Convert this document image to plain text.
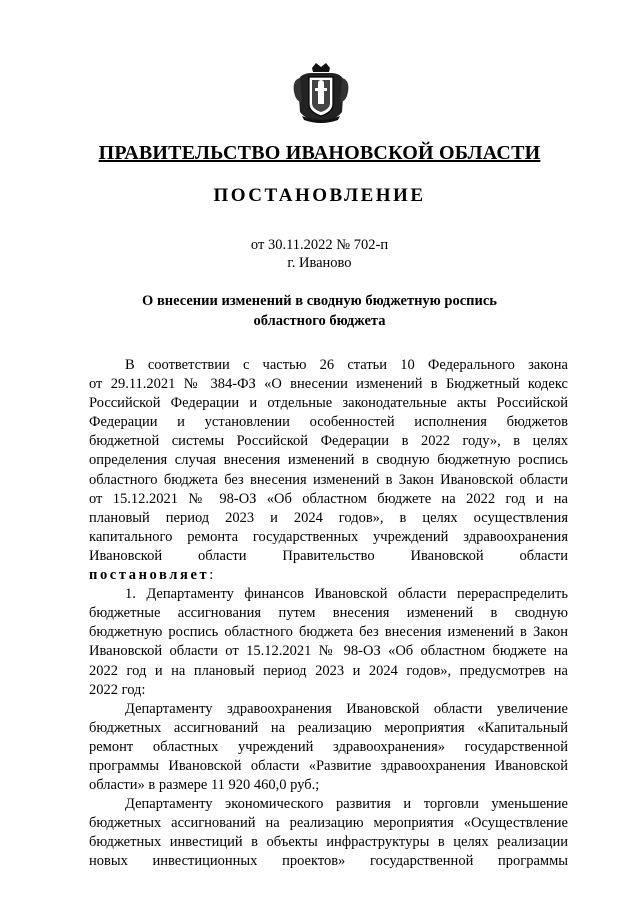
ПРАВИТЕЛЬСТВО ИВАНОВСКОЙ ОБЛАСТИ
ПОСТАНОВЛЕНИЕ
от 30.11.2022 № 702-п
г. Иваново
О внесении изменений в сводную бюджетную роспись
областного бюджета
В соответствии с частью 26 статьи 10 Федерального закона
от 29.11.2021 № 384-ФЗ «О внесении изменений в Бюджетный кодекс
Российской Федерации и отдельные законодательные акты Российской
Федерации и установлении особенностей исполнения бюджетов
бюджетной системы Российской Федерации в 2022 году», в целях
определения случая внесения изменений в сводную бюджетную роспись
областного бюджета без внесения изменений в Закон Ивановской области
от 15.12.2021 № 98-ОЗ «Об областном бюджете на 2022 год и на
плановый период 2023 и 2024 годов», в целях осуществления
капитального ремонта государственных учреждений здравоохранения
Ивановской области Правительство Ивановской области
постановляет:
1. Департаменту финансов Ивановской области перераспределить
бюджетные ассигнования путем внесения изменений в сводную
бюджетную роспись областного бюджета без внесения изменений в Закон
Ивановской области от 15.12.2021 № 98-ОЗ «Об областном бюджете на
2022 год и на плановый период 2023 и 2024 годов», предусмотрев на
2022 год:
Департаменту здравоохранения Ивановской области увеличение
бюджетных ассигнований на реализацию мероприятия «Капитальный
ремонт областных учреждений здравоохранения» государственной
программы Ивановской области «Развитие здравоохранения Ивановской
области» в размере 11 920 460,0 руб.;
Департаменту экономического развития и торговли уменьшение
бюджетных ассигнований на реализацию мероприятия «Осуществление
бюджетных инвестиций в объекты инфраструктуры в целях реализации
новых инвестиционных проектов» государственной программы
